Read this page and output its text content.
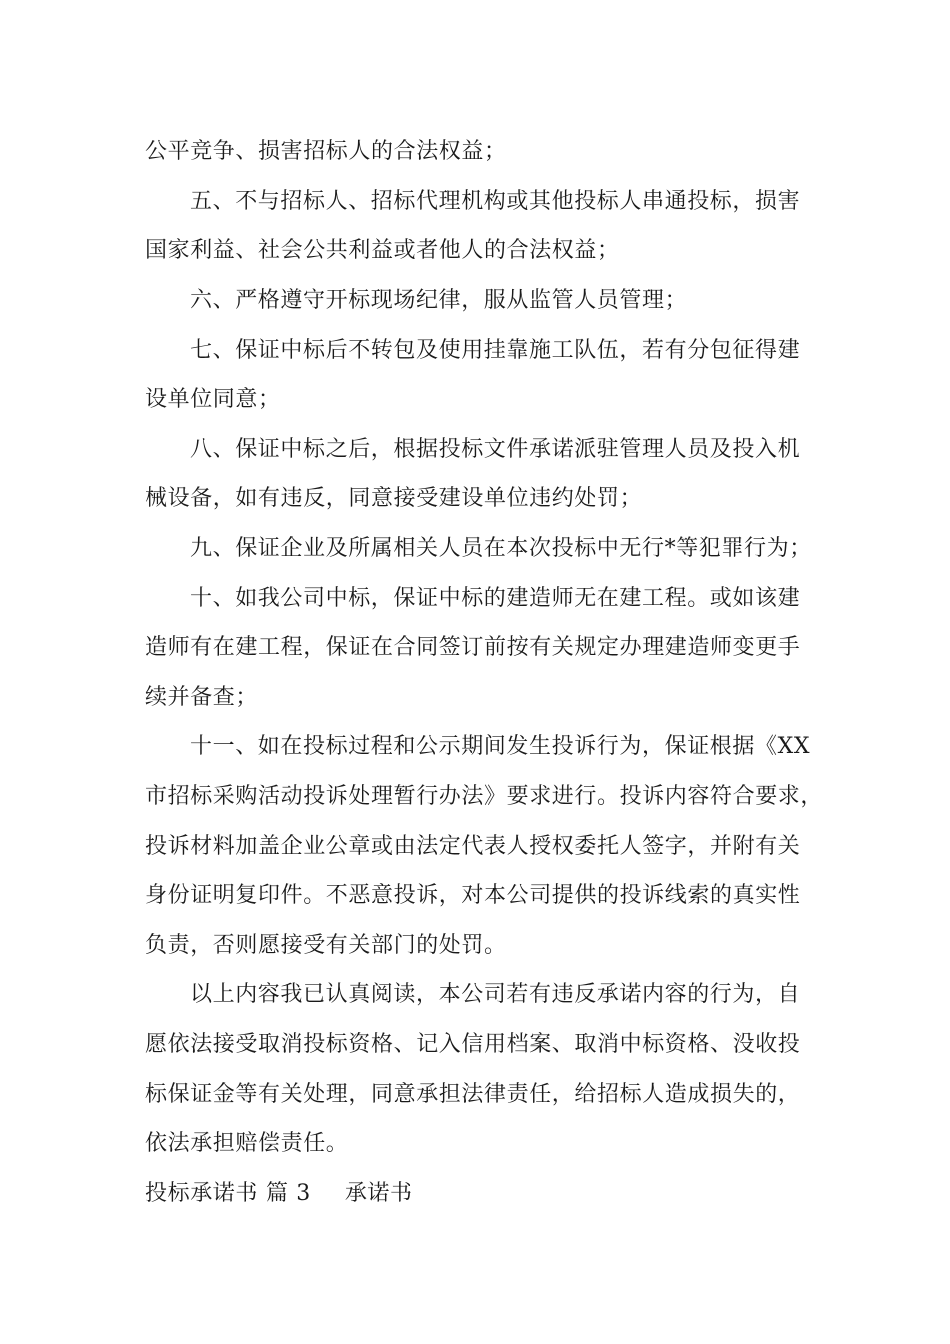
公平竞争、损害招标人的合法权益；
五、不与招标人、招标代理机构或其他投标人串通投标，损害
国家利益、社会公共利益或者他人的合法权益；
六、严格遵守开标现场纪律，服从监管人员管理；
七、保证中标后不转包及使用挂靠施工队伍，若有分包征得建
设单位同意；
八、保证中标之后，根据投标文件承诺派驻管理人员及投入机
械设备，如有违反，同意接受建设单位违约处罚；
九、保证企业及所属相关人员在本次投标中无行*等犯罪行为；
十、如我公司中标，保证中标的建造师无在建工程。或如该建
造师有在建工程，保证在合同签订前按有关规定办理建造师变更手
续并备查；
十一、如在投标过程和公示期间发生投诉行为，保证根据《XX
市招标采购活动投诉处理暂行办法》要求进行。投诉内容符合要求，
投诉材料加盖企业公章或由法定代表人授权委托人签字，并附有关
身份证明复印件。不恶意投诉，对本公司提供的投诉线索的真实性
负责，否则愿接受有关部门的处罚。
以上内容我已认真阅读，本公司若有违反承诺内容的行为，自
愿依法接受取消投标资格、记入信用档案、取消中标资格、没收投
标保证金等有关处理，同意承担法律责任，给招标人造成损失的，
依法承担赔偿责任。
投标承诺书 篇 3 承诺书
